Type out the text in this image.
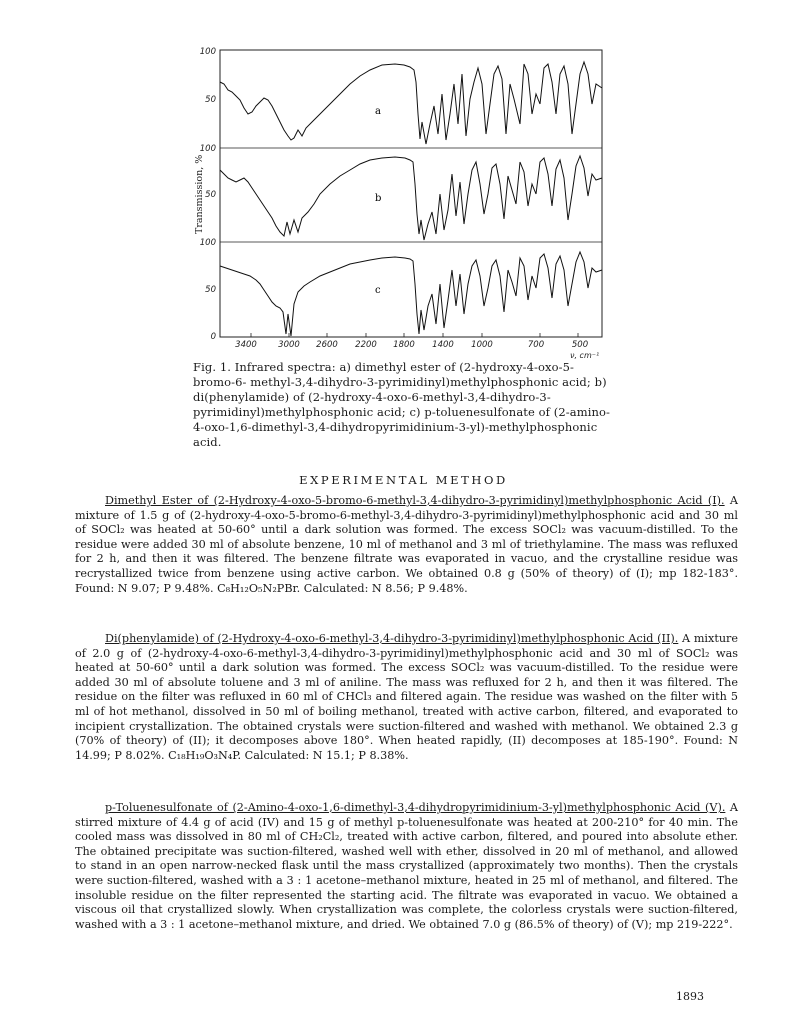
100
50
100
50
100
50
0
Transmission, %
a
b
c
3400	3000 2600 2200 1800 1400 1000	700	500
ν, cm⁻¹
Fig. 1. Infrared spectra: a) dimethyl ester of (2-hydroxy-4-oxo-5-bromo-6- methyl-3,4-dihydro-3-pyrimidinyl)methylphosphonic acid; b) di(phenylamide) of (2-hydroxy-4-oxo-6-methyl-3,4-dihydro-3-pyrimidinyl)methylphosphonic acid; c) p-toluenesulfonate of (2-amino-4-oxo-1,6-dimethyl-3,4-dihydropyrimidinium-3-yl)-methylphosphonic acid.
EXPERIMENTAL METHOD

Dimethyl Ester of (2-Hydroxy-4-oxo-5-bromo-6-methyl-3,4-dihydro-3-pyrimidinyl)methylphosphonic Acid (I). A mixture of 1.5 g of (2-hydroxy-4-oxo-5-bromo-6-methyl-3,4-dihydro-3-pyrimidinyl)methylphosphonic acid and 30 ml of SOCl₂ was heated at 50-60° until a dark solution was formed. The excess SOCl₂ was vacuum-distilled. To the residue were added 30 ml of absolute benzene, 10 ml of methanol and 3 ml of triethylamine. The mass was refluxed for 2 h, and then it was filtered. The benzene filtrate was evaporated in vacuo, and the crystalline residue was recrystallized twice from benzene using active carbon. We obtained 0.8 g (50% of theory) of (I); mp 182-183°. Found: N 9.07; P 9.48%. C₈H₁₂O₅N₂PBr. Calculated: N 8.56; P 9.48%.

Di(phenylamide) of (2-Hydroxy-4-oxo-6-methyl-3,4-dihydro-3-pyrimidinyl)methylphosphonic Acid (II). A mixture of 2.0 g of (2-hydroxy-4-oxo-6-methyl-3,4-dihydro-3-pyrimidinyl)methylphosphonic acid and 30 ml of SOCl₂ was heated at 50-60° until a dark solution was formed. The excess SOCl₂ was vacuum-distilled. To the residue were added 30 ml of absolute toluene and 3 ml of aniline. The mass was refluxed for 2 h, and then it was filtered. The residue on the filter was refluxed in 60 ml of CHCl₃ and filtered again. The residue was washed on the filter with 5 ml of hot methanol, dissolved in 50 ml of boiling methanol, treated with active carbon, filtered, and evaporated to incipient crystallization. The obtained crystals were suction-filtered and washed with methanol. We obtained 2.3 g (70% of theory) of (II); it decomposes above 180°. When heated rapidly, (II) decomposes at 185-190°. Found: N 14.99; P 8.02%. C₁₈H₁₉O₃N₄P. Calculated: N 15.1; P 8.38%.

p-Toluenesulfonate of (2-Amino-4-oxo-1,6-dimethyl-3,4-dihydropyrimidinium-3-yl)methylphosphonic Acid (V). A stirred mixture of 4.4 g of acid (IV) and 15 g of methyl p-toluenesulfonate was heated at 200-210° for 40 min. The cooled mass was dissolved in 80 ml of CH₂Cl₂, treated with active carbon, filtered, and poured into absolute ether. The obtained precipitate was suction-filtered, washed well with ether, dissolved in 20 ml of methanol, and allowed to stand in an open narrow-necked flask until the mass crystallized (approximately two months). Then the crystals were suction-filtered, washed with a 3 : 1 acetone–methanol mixture, heated in 25 ml of methanol, and filtered. The insoluble residue on the filter represented the starting acid. The filtrate was evaporated in vacuo. We obtained a viscous oil that crystallized slowly. When crystallization was complete, the colorless crystals were suction-filtered, washed with a 3 : 1 acetone–methanol mixture, and dried. We obtained 7.0 g (86.5% of theory) of (V); mp 219-222°.

1893
